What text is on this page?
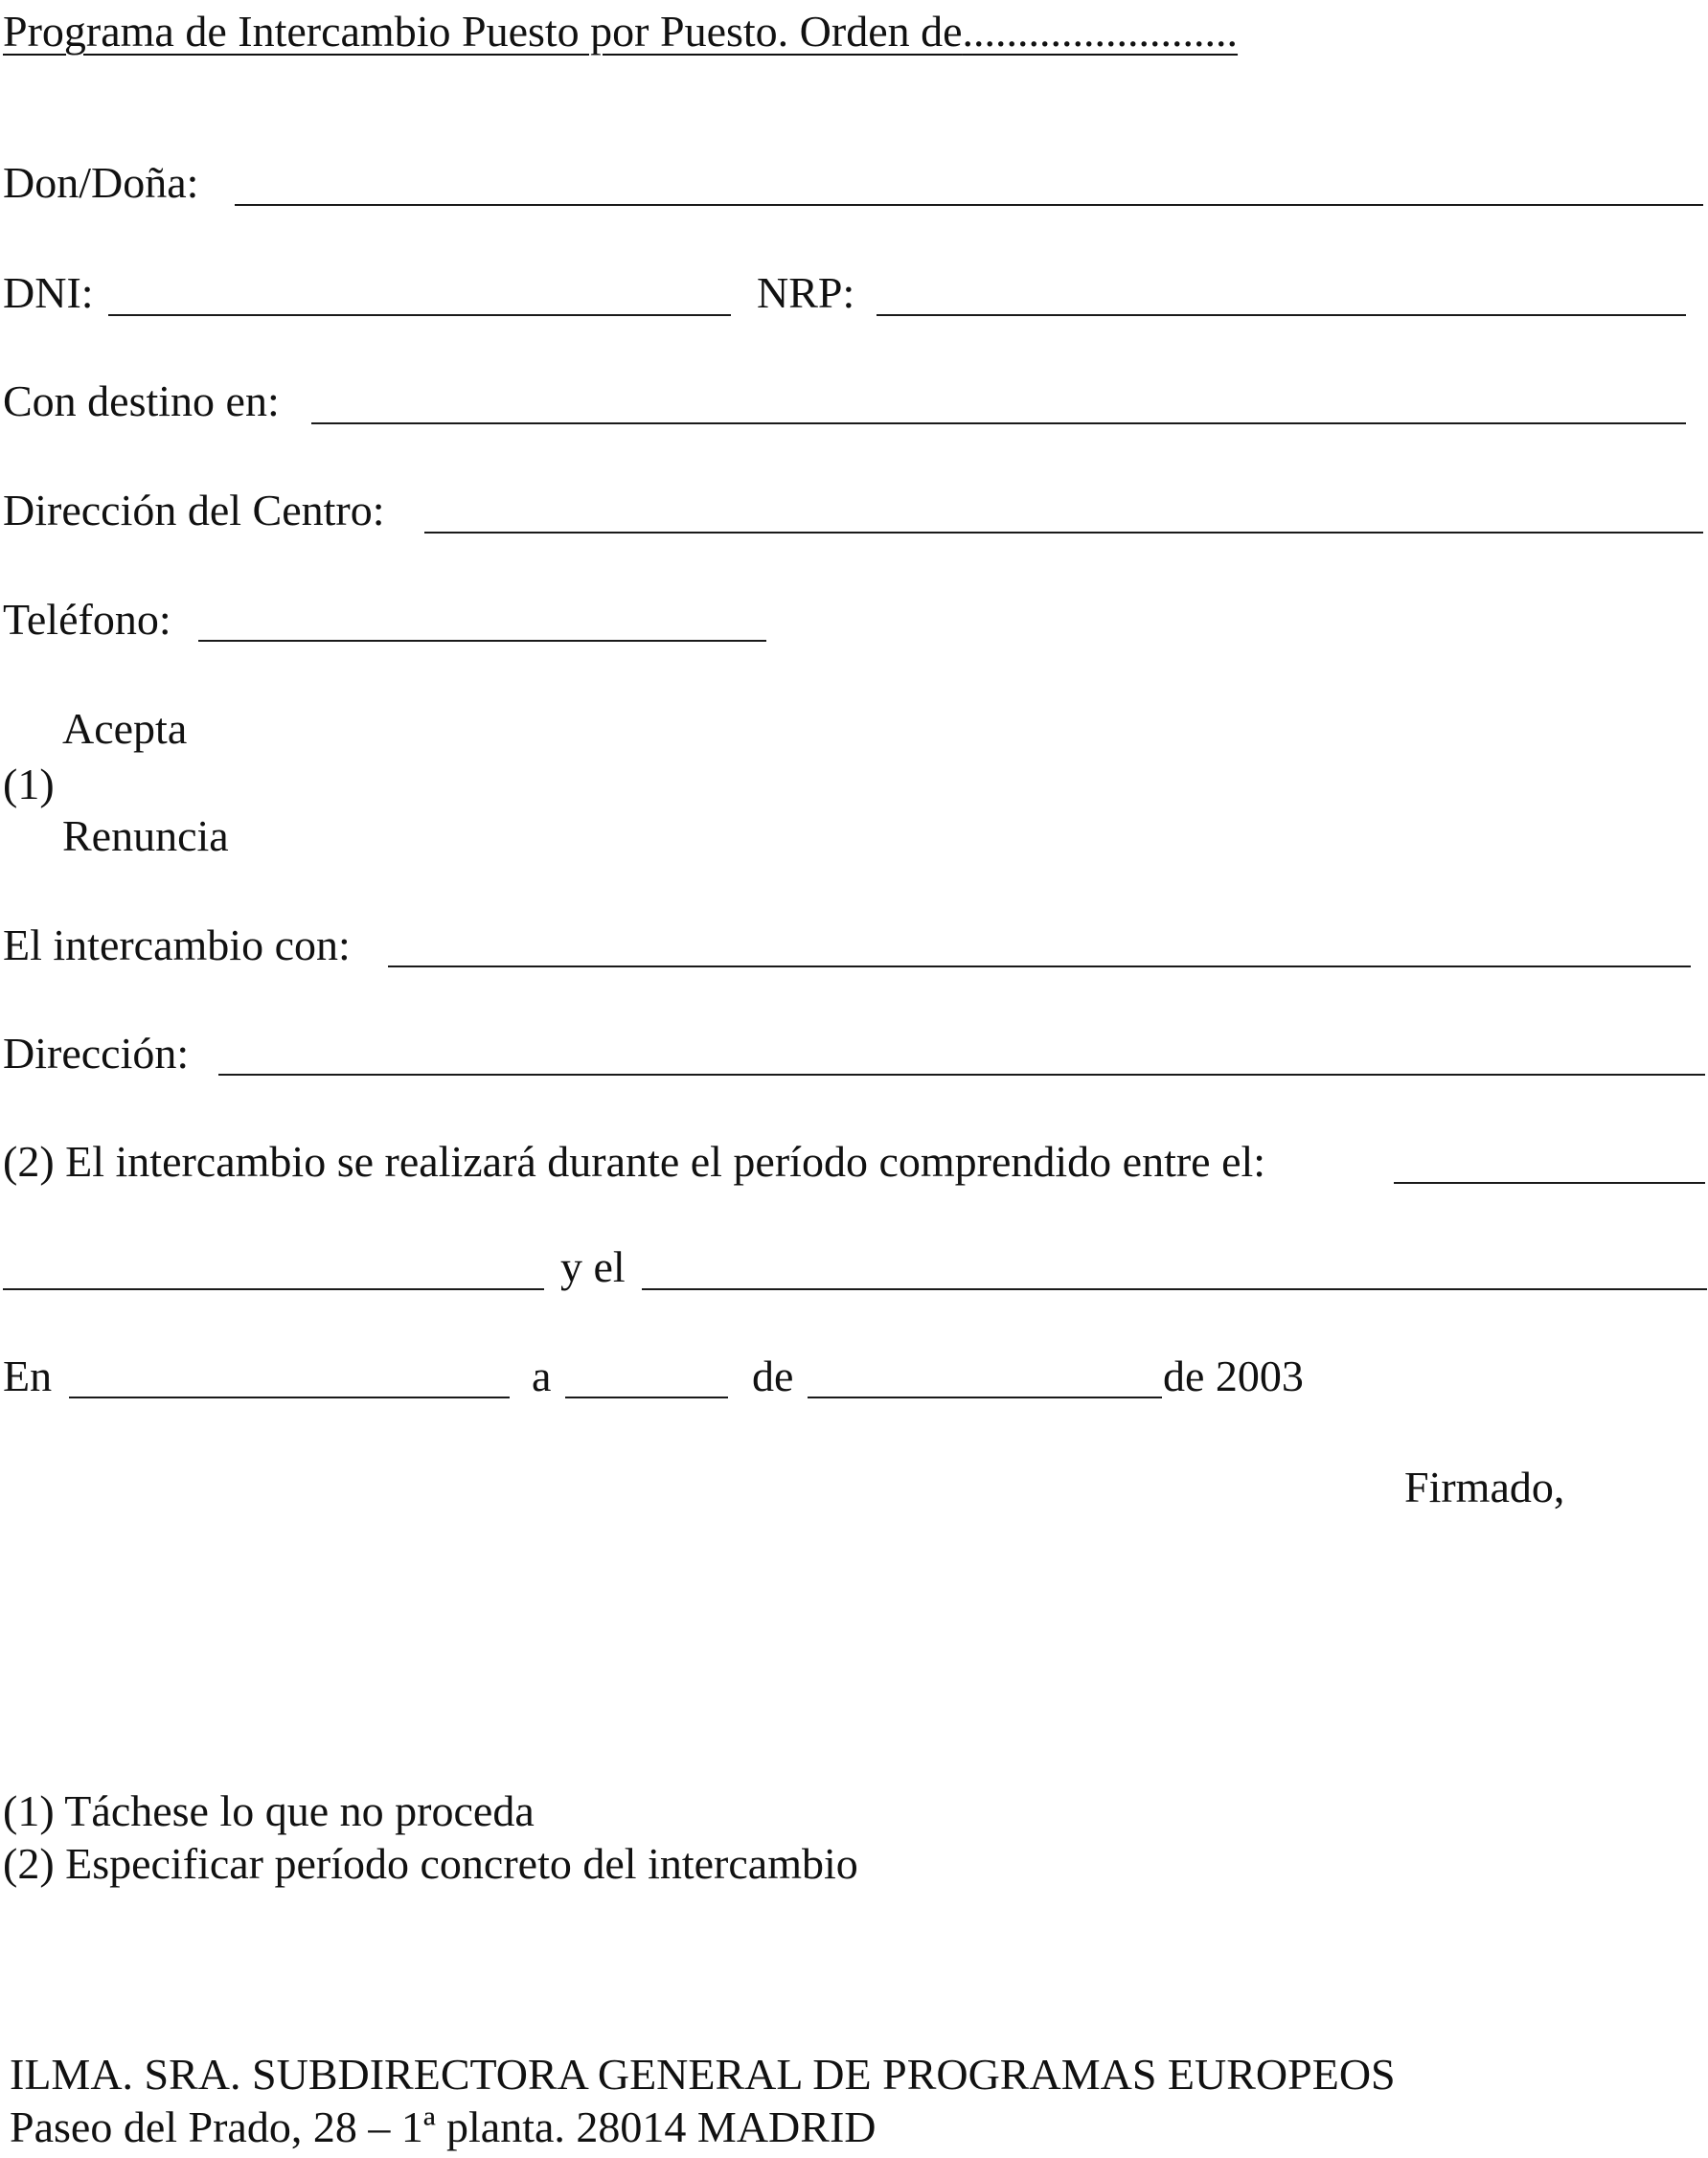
Programa de Intercambio Puesto por Puesto. Orden de.........................
Don/Doña:
DNI:	NRP:
Con destino en:
Dirección del Centro:
Teléfono:
Acepta
(1)
Renuncia
El intercambio con:
Dirección:
(2) El intercambio se realizará durante el período comprendido entre el:
y el
En	a	de	de 2003
Firmado,
(1) Táchese lo que no proceda
(2) Especificar período concreto del intercambio
ILMA. SRA. SUBDIRECTORA GENERAL DE PROGRAMAS EUROPEOS
Paseo del Prado, 28 – 1ª planta. 28014 MADRID
